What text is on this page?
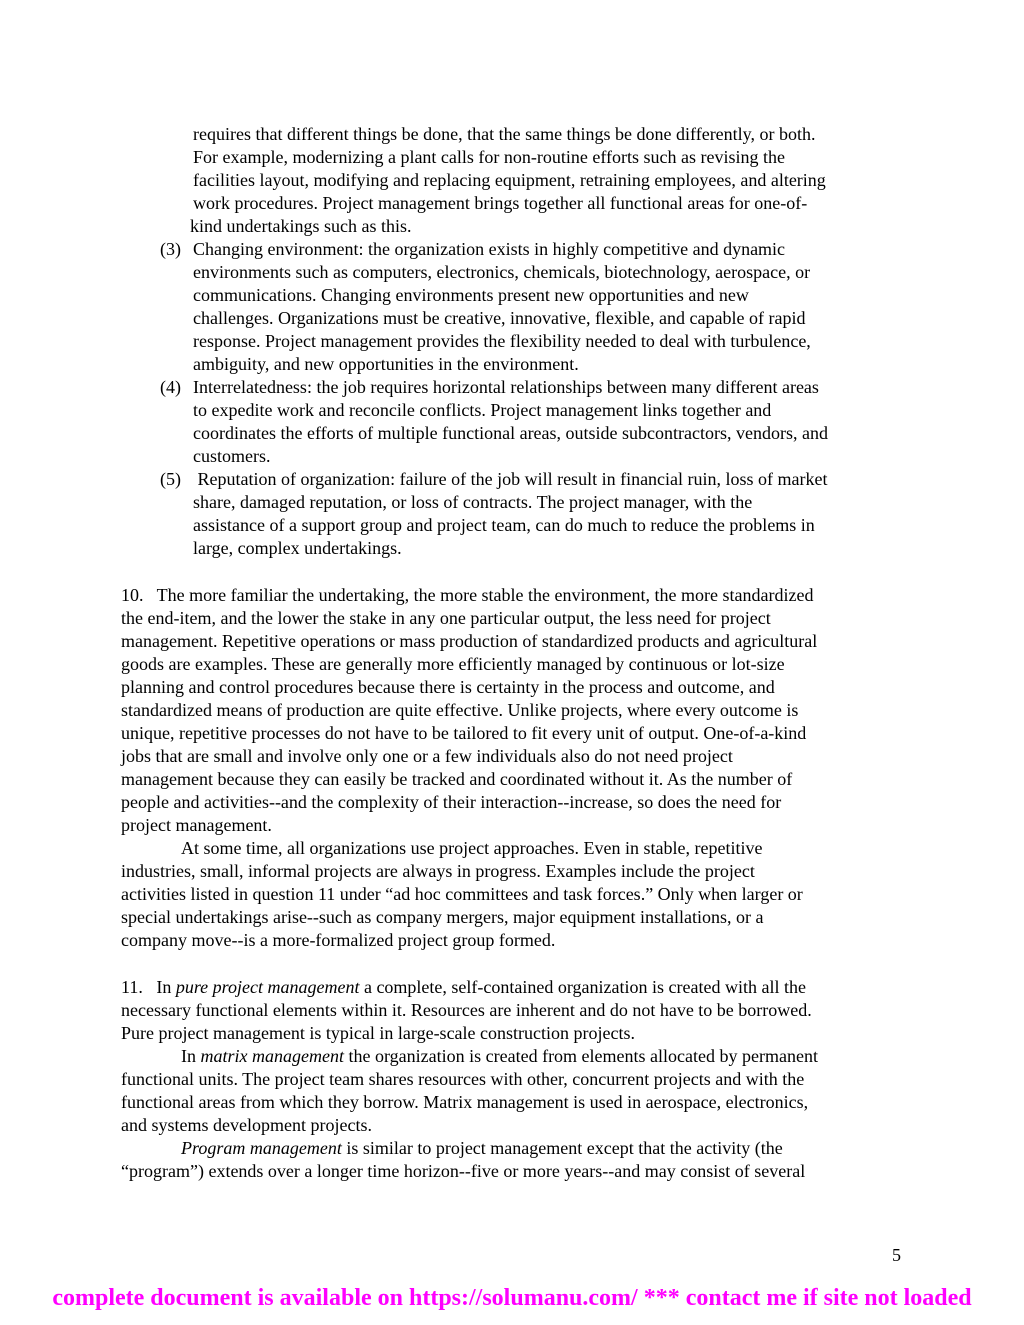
requires that different things be done, that the same things be done differently, or both.
For example, modernizing a plant calls for non-routine efforts such as revising the
facilities layout, modifying and replacing equipment, retraining employees, and altering
work procedures. Project management brings together all functional areas for one-of-
kind undertakings such as this.
(3) Changing environment: the organization exists in highly competitive and dynamic
environments such as computers, electronics, chemicals, biotechnology, aerospace, or
communications. Changing environments present new opportunities and new
challenges. Organizations must be creative, innovative, flexible, and capable of rapid
response. Project management provides the flexibility needed to deal with turbulence,
ambiguity, and new opportunities in the environment.
(4) Interrelatedness: the job requires horizontal relationships between many different areas
to expedite work and reconcile conflicts. Project management links together and
coordinates the efforts of multiple functional areas, outside subcontractors, vendors, and
customers.
(5) Reputation of organization: failure of the job will result in financial ruin, loss of market
share, damaged reputation, or loss of contracts. The project manager, with the
assistance of a support group and project team, can do much to reduce the problems in
large, complex undertakings.
10.   The more familiar the undertaking, the more stable the environment, the more standardized
the end-item, and the lower the stake in any one particular output, the less need for project
management. Repetitive operations or mass production of standardized products and agricultural
goods are examples. These are generally more efficiently managed by continuous or lot-size
planning and control procedures because there is certainty in the process and outcome, and
standardized means of production are quite effective. Unlike projects, where every outcome is
unique, repetitive processes do not have to be tailored to fit every unit of output. One-of-a-kind
jobs that are small and involve only one or a few individuals also do not need project
management because they can easily be tracked and coordinated without it. As the number of
people and activities--and the complexity of their interaction--increase, so does the need for
project management.
At some time, all organizations use project approaches. Even in stable, repetitive
industries, small, informal projects are always in progress. Examples include the project
activities listed in question 11 under “ad hoc committees and task forces.” Only when larger or
special undertakings arise--such as company mergers, major equipment installations, or a
company move--is a more-formalized project group formed.
11.   In pure project management a complete, self-contained organization is created with all the
necessary functional elements within it. Resources are inherent and do not have to be borrowed.
Pure project management is typical in large-scale construction projects.
In matrix management the organization is created from elements allocated by permanent
functional units. The project team shares resources with other, concurrent projects and with the
functional areas from which they borrow. Matrix management is used in aerospace, electronics,
and systems development projects.
Program management is similar to project management except that the activity (the
“program”) extends over a longer time horizon--five or more years--and may consist of several
5
complete document is available on https://solumanu.com/ *** contact me if site not loaded
